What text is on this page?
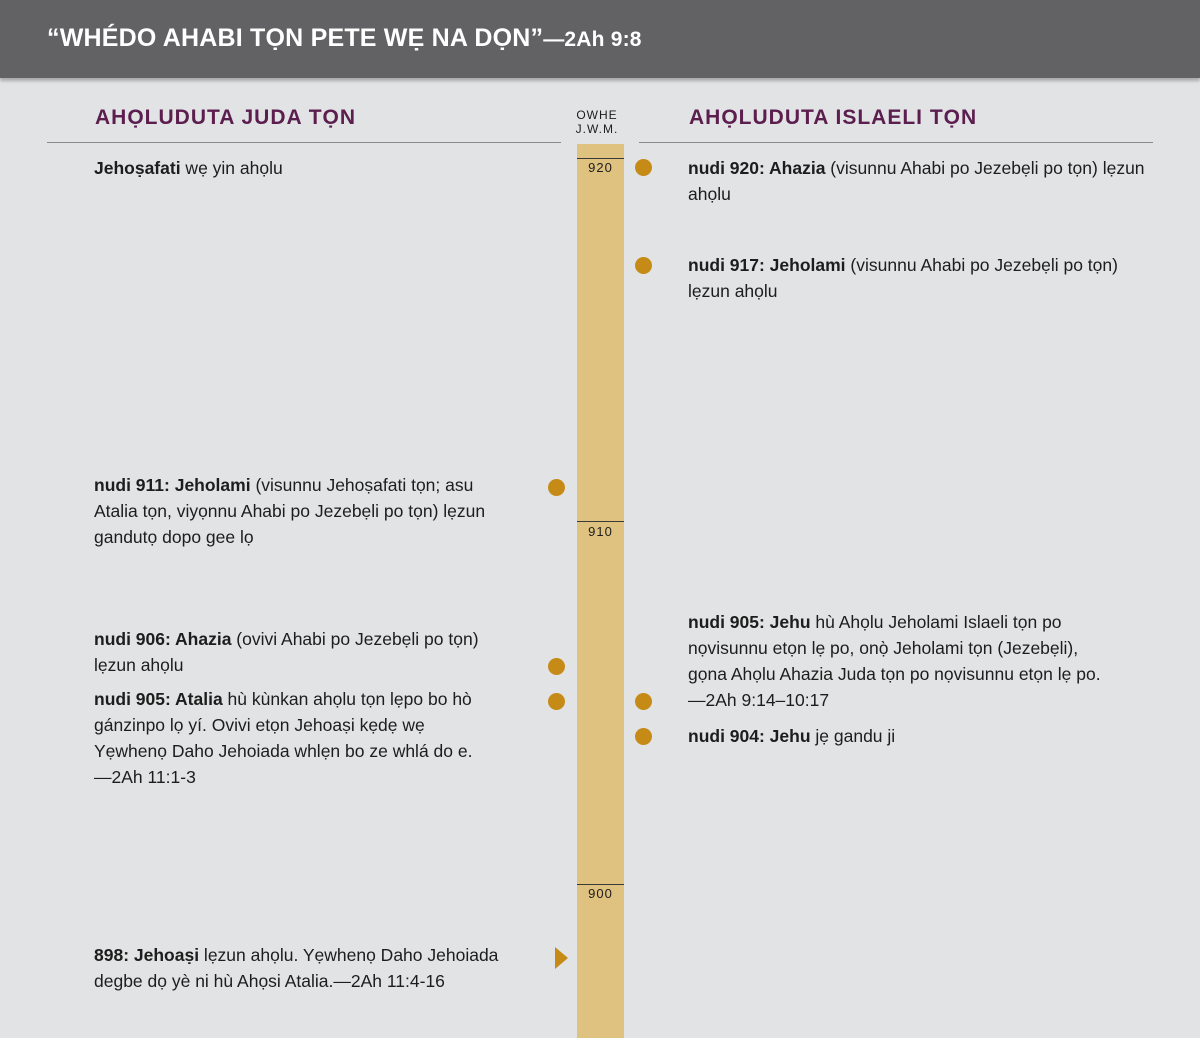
“WHÉDO AHABI TỌN PETE WẸ NA DỌN”—2Ah 9:8
AHỌLUDUTA JUDA TỌN	AHỌLUDUTA ISLAELI TỌN
OWHE
J.W.M.
920
910
900
Jehoṣafati wẹ yin ahọlu
nudi 911: Jeholami (visunnu Jehoṣafati tọn; asu Atalia tọn, viyọnnu Ahabi po Jezebẹli po tọn) lẹzun gandutọ dopo gee lọ
nudi 906: Ahazia (ovivi Ahabi po Jezebẹli po tọn) lẹzun ahọlu
nudi 905: Atalia hù kùnkan ahọlu tọn lẹpo bo hò gánzinpo lọ yí. Ovivi etọn Jehoaṣi kẹdẹ wẹ Yẹwhenọ Daho Jehoiada whlẹn bo ze whlá do e.—2Ah 11:1-3
898: Jehoaṣi lẹzun ahọlu. Yẹwhenọ Daho Jehoiada degbe dọ yè ni hù Ahọsi Atalia.—2Ah 11:4-16
nudi 920: Ahazia (visunnu Ahabi po Jezebẹli po tọn) lẹzun ahọlu
nudi 917: Jeholami (visunnu Ahabi po Jezebẹli po tọn) lẹzun ahọlu
nudi 905: Jehu hù Ahọlu Jeholami Islaeli tọn po nọvisunnu etọn lẹ po, onọ̀ Jeholami tọn (Jezebẹli), gọna Ahọlu Ahazia Juda tọn po nọvisunnu etọn lẹ po.—2Ah 9:14–10:17
nudi 904: Jehu jẹ gandu ji
